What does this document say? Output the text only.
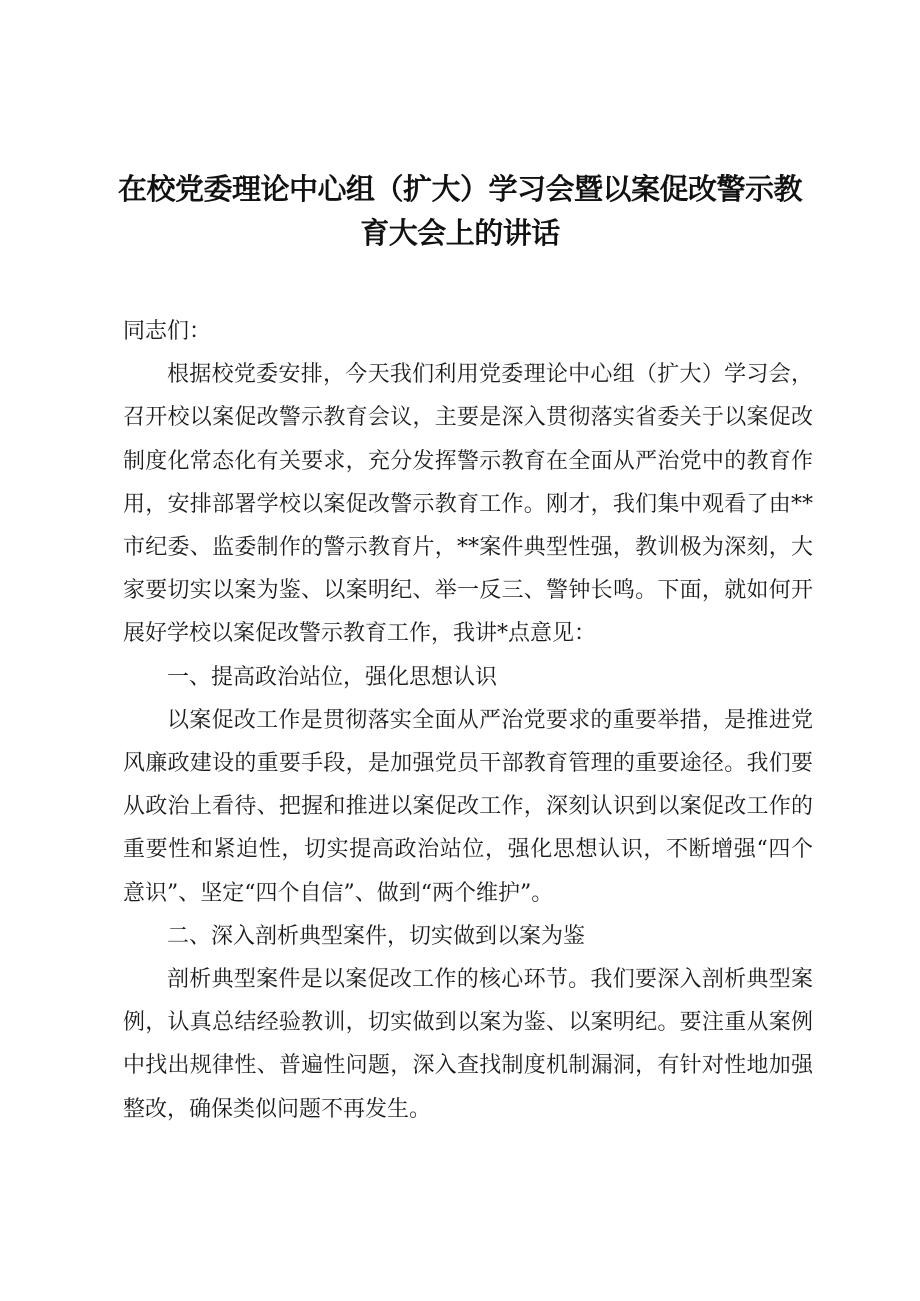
在校党委理论中心组（扩大）学习会暨以案促改警示教
育大会上的讲话

同志们：

根据校党委安排，今天我们利用党委理论中心组（扩大）学习会，召开校以案促改警示教育会议，主要是深入贯彻落实省委关于以案促改制度化常态化有关要求，充分发挥警示教育在全面从严治党中的教育作用，安排部署学校以案促改警示教育工作。刚才，我们集中观看了由**市纪委、监委制作的警示教育片，**案件典型性强，教训极为深刻，大家要切实以案为鉴、以案明纪、举一反三、警钟长鸣。下面，就如何开展好学校以案促改警示教育工作，我讲*点意见：

一、提高政治站位，强化思想认识

以案促改工作是贯彻落实全面从严治党要求的重要举措，是推进党风廉政建设的重要手段，是加强党员干部教育管理的重要途径。我们要从政治上看待、把握和推进以案促改工作，深刻认识到以案促改工作的重要性和紧迫性，切实提高政治站位，强化思想认识，不断增强“四个意识”、坚定“四个自信”、做到“两个维护”。

二、深入剖析典型案件，切实做到以案为鉴

剖析典型案件是以案促改工作的核心环节。我们要深入剖析典型案例，认真总结经验教训，切实做到以案为鉴、以案明纪。要注重从案例中找出规律性、普遍性问题，深入查找制度机制漏洞，有针对性地加强整改，确保类似问题不再发生。
